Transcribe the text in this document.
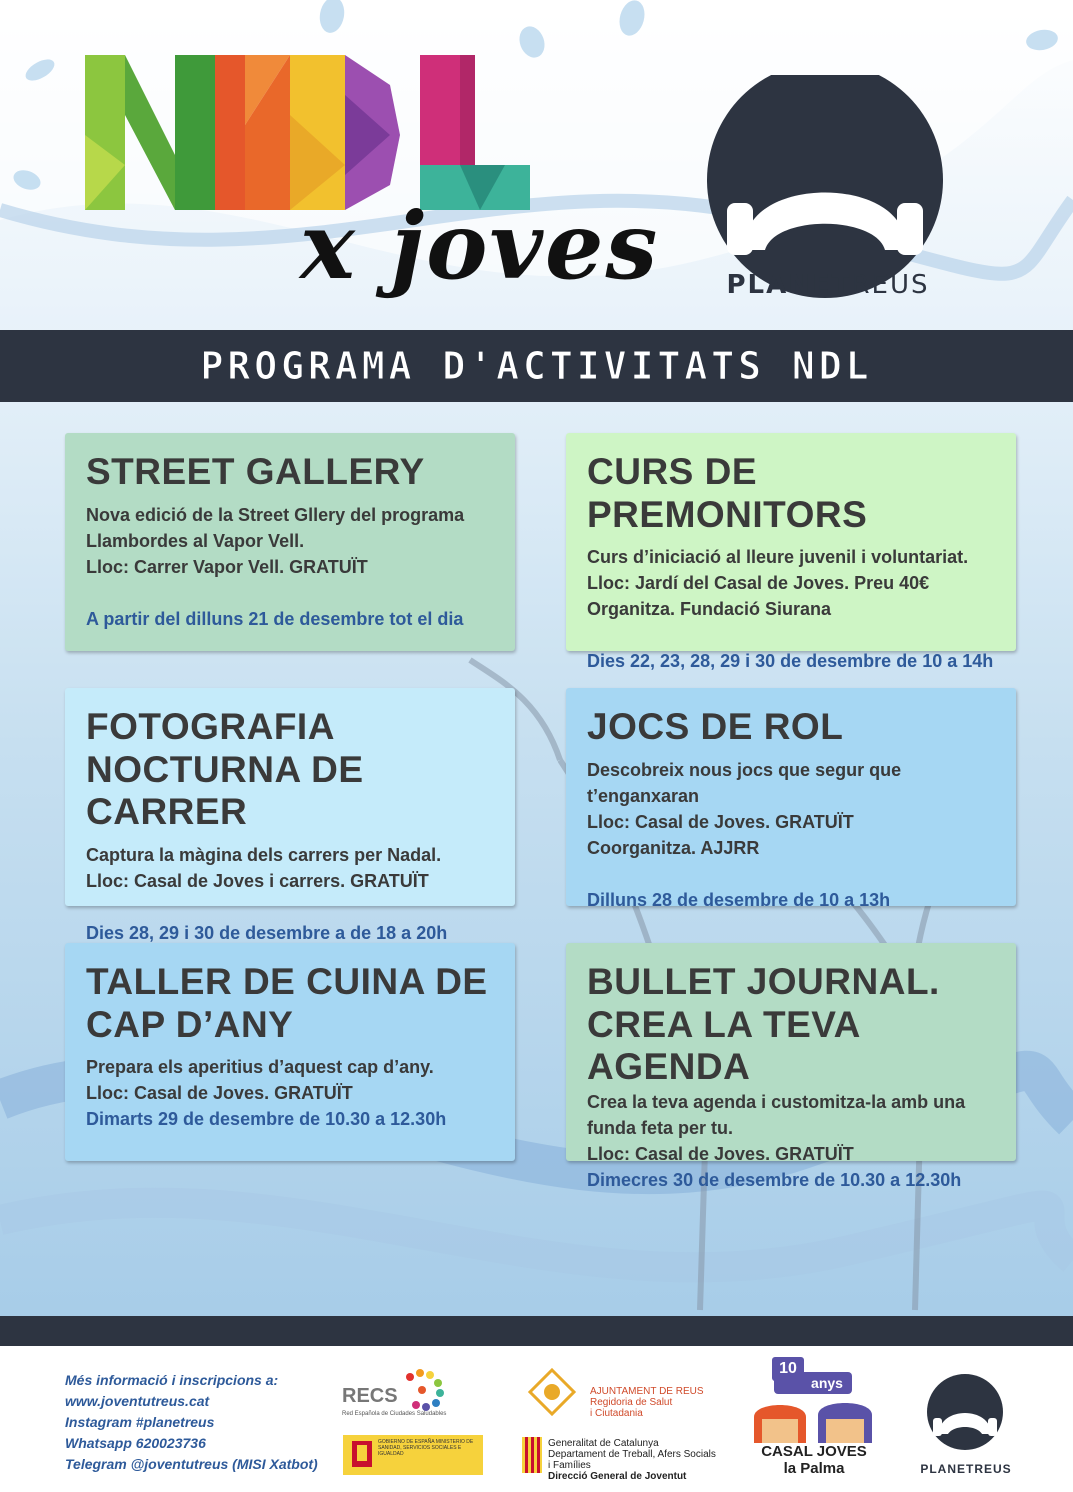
x joves	PLANETREUS
PROGRAMA D'ACTIVITATS NDL
STREET GALLERY

Nova edició de la Street Gllery del programa

Llambordes al Vapor Vell.

Lloc: Carrer Vapor Vell. GRATUÏT

A partir del dilluns 21 de desembre tot el dia
CURS DE PREMONITORS

Curs d’iniciació al lleure juvenil i voluntariat.

Lloc: Jardí del Casal de Joves. Preu 40€

Organitza. Fundació Siurana

Dies 22, 23, 28, 29 i 30 de desembre de 10 a 14h
FOTOGRAFIA NOCTURNA DE CARRER

Captura la màgina dels carrers per Nadal.

Lloc: Casal de Joves i carrers. GRATUÏT

Dies 28, 29 i 30 de desembre a de 18 a 20h
JOCS DE ROL

Descobreix nous jocs que segur que t’enganxaran

Lloc: Casal de Joves. GRATUÏT

Coorganitza. AJJRR

Dilluns 28 de desembre de 10 a 13h
TALLER DE CUINA DE CAP D’ANY

Prepara els aperitius d’aquest cap d’any.

Lloc: Casal de Joves. GRATUÏT

Dimarts 29 de desembre de 10.30 a 12.30h
BULLET JOURNAL. CREA LA TEVA AGENDA

Crea la teva agenda i customitza-la amb una

funda feta per tu.

Lloc: Casal de Joves. GRATUÏT

Dimecres 30 de desembre de 10.30 a 12.30h
Més informació i inscripcions a:
www.joventutreus.cat
Instagram #planetreus
Whatsapp 620023736
Telegram @joventutreus (MISI Xatbot)
RECS
Red Española de Ciudades Saludables
GOBIERNO DE ESPAÑA MINISTERIO DE SANIDAD, SERVICIOS SOCIALES E IGUALDAD
AJUNTAMENT DE REUS
Regidoria de Salut
i Ciutadania
Generalitat de Catalunya
Departament de Treball, Afers Socials
i Famílies
Direcció General de Joventut
anys
10
CASAL JOVES
la Palma	PLANETREUS
